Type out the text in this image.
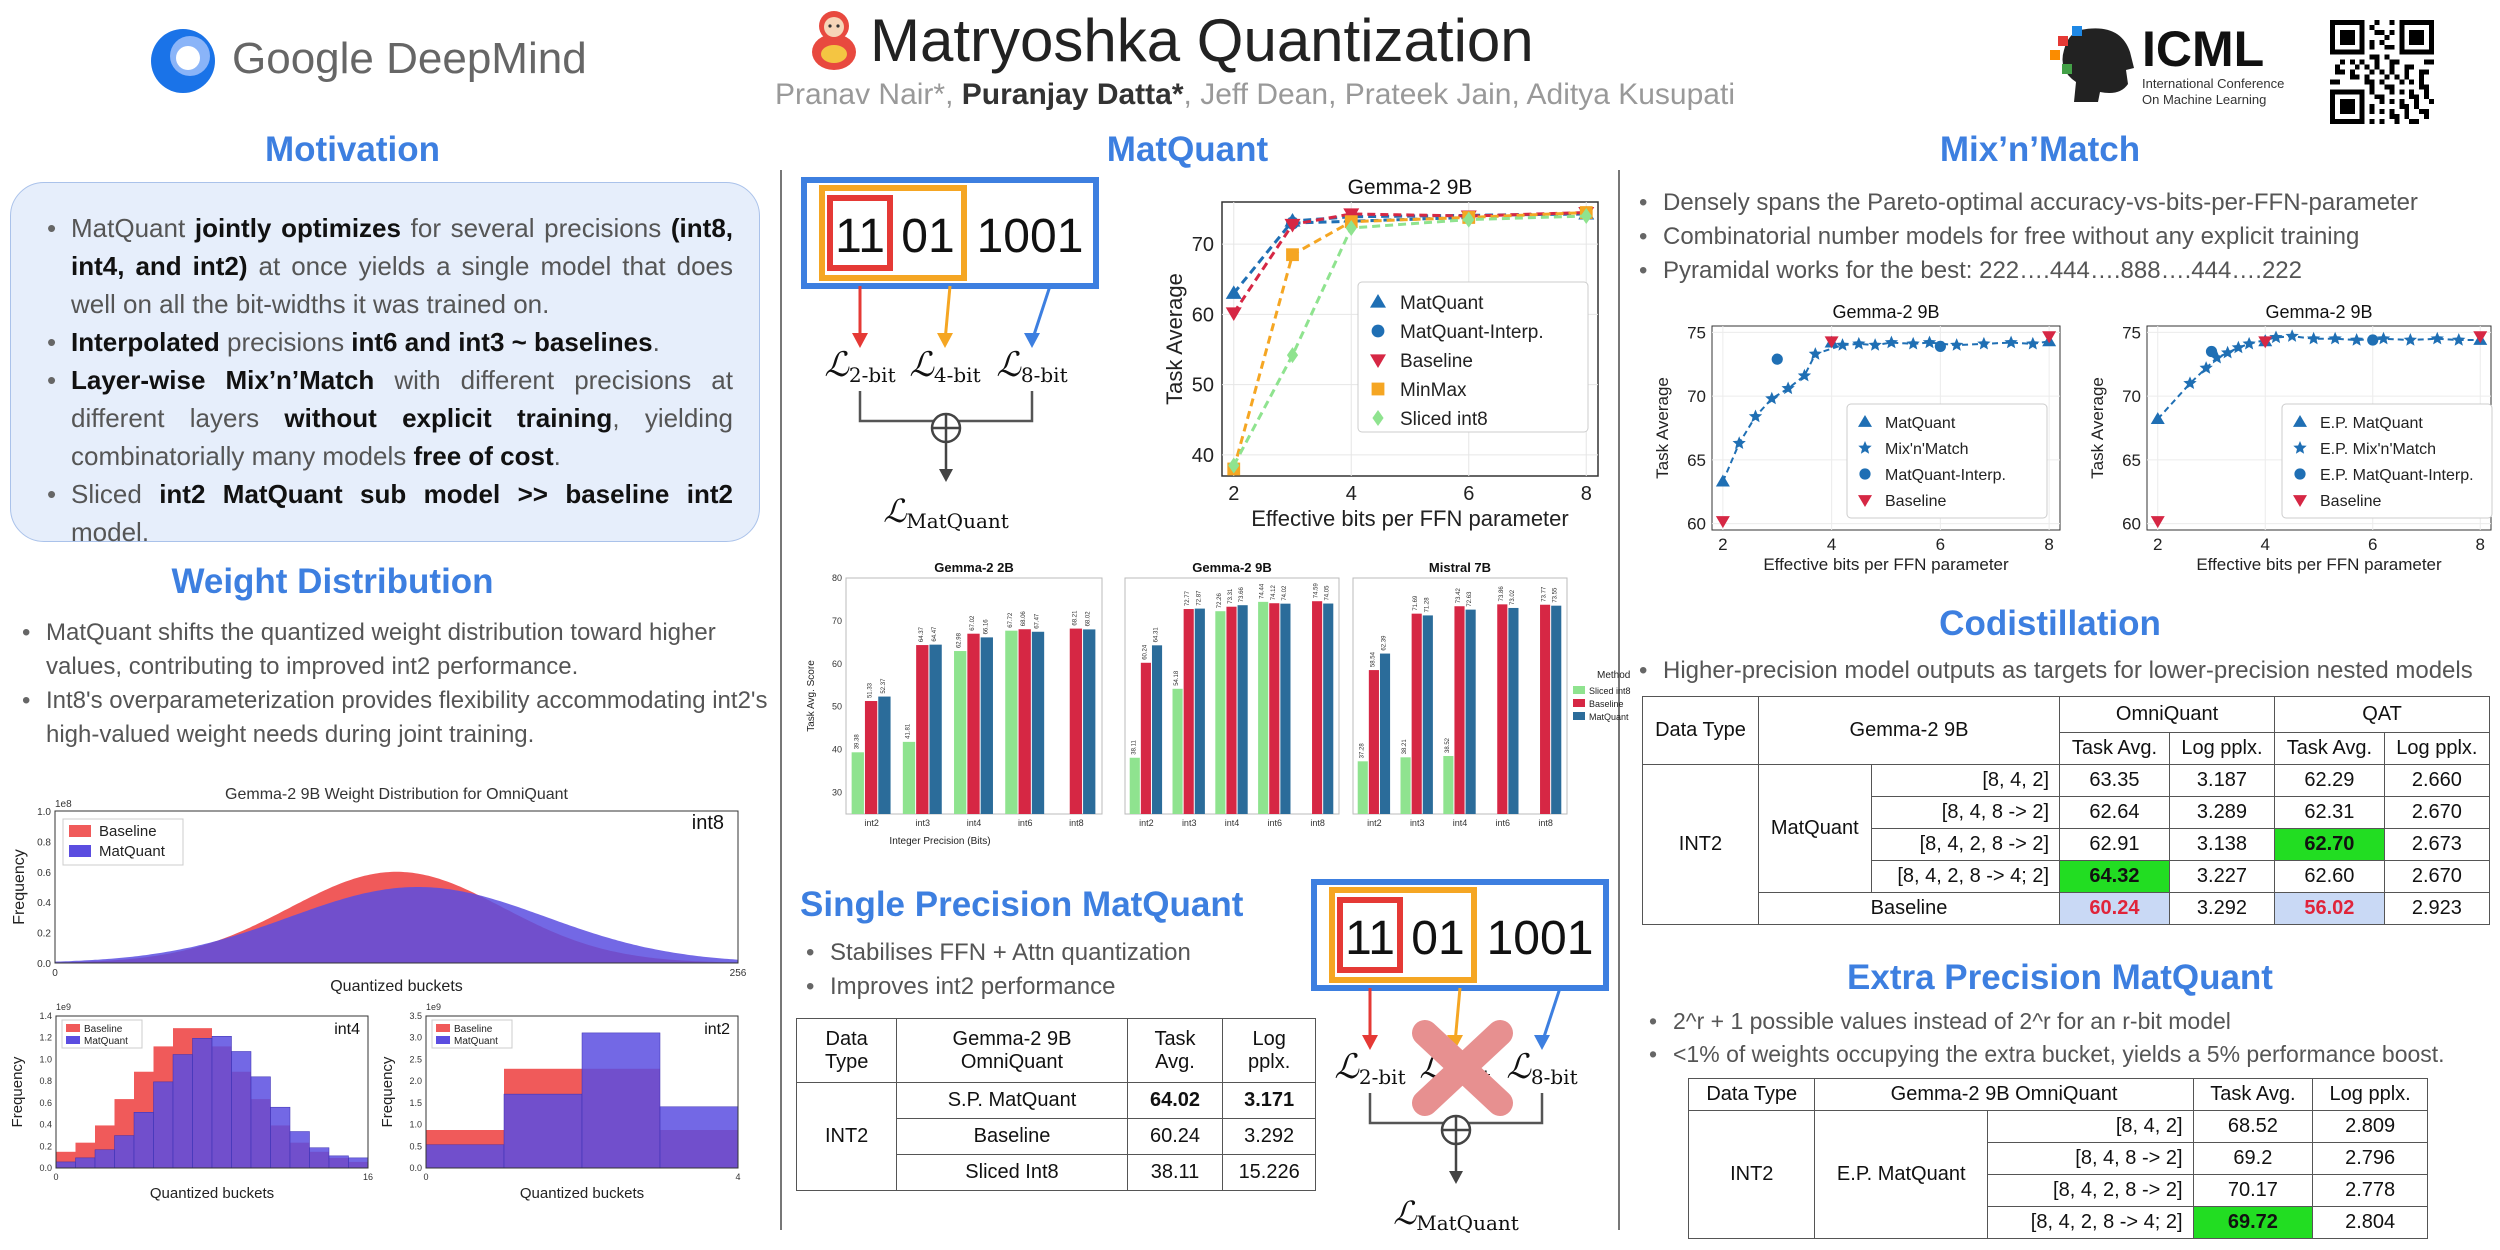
Google DeepMind	Matryoshka Quantization
Pranav Nair*, Puranjay Datta*, Jeff Dean, Prateek Jain, Aditya Kusupati
ICML
International Conference
On Machine Learning
Motivation
• MatQuant jointly optimizes for several precisions (int8, int4, and int2) at once yields a single model that does well on all the bit-widths it was trained on.
• Interpolated precisions int6 and int3 ~ baselines.
• Layer-wise Mix’n’Match with different precisions at different layers without explicit training, yielding combinatorially many models free of cost.
• Sliced int2 MatQuant sub model >> baseline int2 model.
Weight Distribution
• MatQuant shifts the quantized weight distribution toward higher values, contributing to improved int2 performance.
• Int8's overparameterization provides flexibility accommodating int2's high-valued weight needs during joint training.
Gemma-2 9B Weight Distribution for OmniQuant
1e8
int8
1.0
0.8
0.6
0.4
0.2
0.0
0	256
Quantized buckets
Frequency
Baseline
MatQuant
1e9
1.4
1.2
1.0
0.8
0.6
0.4
0.2
0.0
0	16
Quantized buckets
Frequency
int4
Baseline
MatQuant
1e9
3.5
3.0
2.5
2.0
1.5
1.0
0.5
0.0
0	4
Quantized buckets
Frequency
int2
Baseline
MatQuant
MatQuant
11 01 1001
ℒ2-bit ℒ4-bit ℒ8-bit
ℒMatQuant
Gemma-2 9B
40
50
60
70
2	4	6	8
Effective bits per FFN parameter
Task Average	MatQuant
MatQuant-Interp.
Baseline
MinMax
Sliced int8
Gemma-2 2B
30
40
50
60
70
80
Task Avg. Score
int2
39.38
51.33 52.37
int3
41.81
64.37 64.47
int4
62.98
67.02 66.16
int6
67.72 68.06 67.47
int8
68.21 68.02
Gemma-2 9B
int2
38.11
60.24
64.31
int3
54.18
72.77 72.87
int4
72.26 73.31 73.66
int6
74.44 74.12 74.02
int8
74.59 74.05
Mistral 7B
int2
37.28
58.54
62.39
int3
38.21
71.69 71.28
int4
38.52
73.42 72.63
int6
73.86 73.02
int8
73.77 73.55
Method
Sliced int8
Baseline
MatQuant
Integer Precision (Bits)
Single Precision MatQuant
• Stabilises FFN + Attn quantization
• Improves int2 performance
Data Type	Gemma-2 9B OmniQuant	Task Avg.	Log pplx.
INT2	S.P. MatQuant	64.02	3.171
	Baseline	60.24	3.292
	Sliced Int8	38.11	15.226
11 01 1001
ℒ2-bit ℒ4-bit ℒ8-bit
ℒMatQuant
Mix’n’Match
• Densely spans the Pareto-optimal accuracy-vs-bits-per-FFN-parameter
• Combinatorial number models for free without any explicit training
• Pyramidal works for the best: 222….444….888….444….222
Gemma-2 9B
60
65
70
75
2	4	6	8
Effective bits per FFN parameter
Task Average	MatQuant
Mix'n'Match
MatQuant-Interp.
Baseline
Gemma-2 9B
60
65
70
75
2	4	6	8
Effective bits per FFN parameter
Task Average	E.P. MatQuant
E.P. Mix'n'Match
E.P. MatQuant-Interp.
Baseline
Codistillation
• Higher-precision model outputs as targets for lower-precision nested models
Data Type	Gemma-2 9B		OmniQuant		QAT	
			Task Avg.	Log pplx.	Task Avg.	Log pplx.
INT2	MatQuant	[8, 4, 2]	63.35	3.187	62.29	2.660
		[8, 4, 8 -> 2]	62.64	3.289	62.31	2.670
		[8, 4, 2, 8 -> 2]	62.91	3.138	62.70	2.673
		[8, 4, 2, 8 -> 4; 2]	64.32	3.227	62.60	2.670
	Baseline		60.24	3.292	56.02	2.923
Extra Precision MatQuant
• 2^r + 1 possible values instead of 2^r for an r-bit model
• <1% of weights occupying the extra bucket, yields a 5% performance boost.
Data Type	Gemma-2 9B OmniQuant		Task Avg.	Log pplx.
INT2	E.P. MatQuant	[8, 4, 2]	68.52	2.809
		[8, 4, 8 -> 2]	69.2	2.796
		[8, 4, 2, 8 -> 2]	70.17	2.778
		[8, 4, 2, 8 -> 4; 2]	69.72	2.804
